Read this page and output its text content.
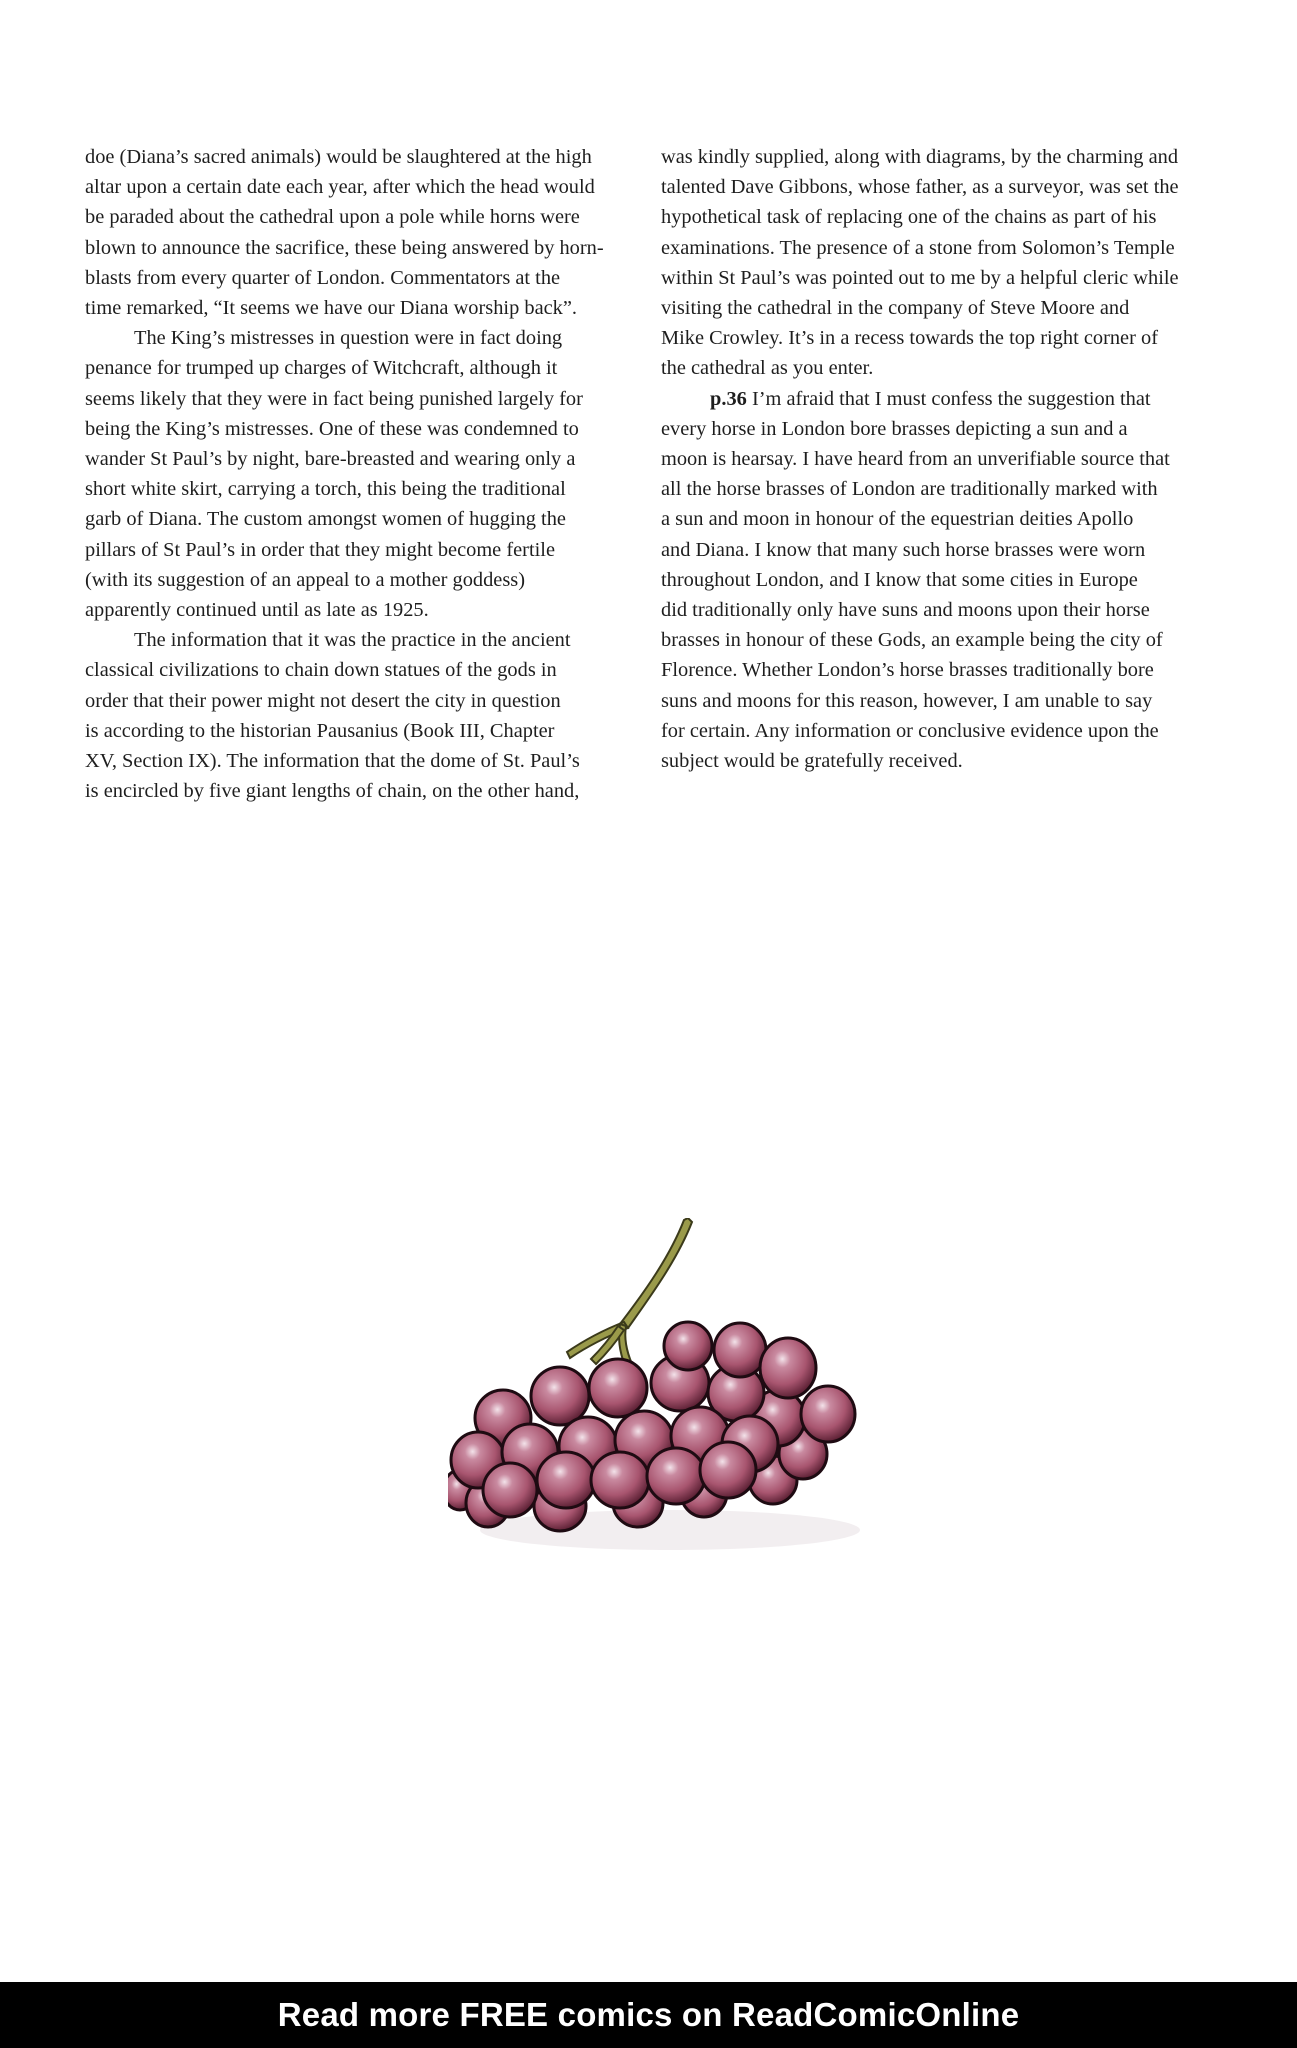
doe (Diana’s sacred animals) would be slaughtered at the high
altar upon a certain date each year, after which the head would
be paraded about the cathedral upon a pole while horns were
blown to announce the sacrifice, these being answered by horn-
blasts from every quarter of London. Commentators at the
time remarked, “It seems we have our Diana worship back”.

The King’s mistresses in question were in fact doing
penance for trumped up charges of Witchcraft, although it
seems likely that they were in fact being punished largely for
being the King’s mistresses. One of these was condemned to
wander St Paul’s by night, bare-breasted and wearing only a
short white skirt, carrying a torch, this being the traditional
garb of Diana. The custom amongst women of hugging the
pillars of St Paul’s in order that they might become fertile
(with its suggestion of an appeal to a mother goddess)
apparently continued until as late as 1925.

The information that it was the practice in the ancient
classical civilizations to chain down statues of the gods in
order that their power might not desert the city in question
is according to the historian Pausanius (Book III, Chapter
XV, Section IX). The information that the dome of St. Paul’s
is encircled by five giant lengths of chain, on the other hand,

was kindly supplied, along with diagrams, by the charming and
talented Dave Gibbons, whose father, as a surveyor, was set the
hypothetical task of replacing one of the chains as part of his
examinations. The presence of a stone from Solomon’s Temple
within St Paul’s was pointed out to me by a helpful cleric while
visiting the cathedral in the company of Steve Moore and
Mike Crowley. It’s in a recess towards the top right corner of
the cathedral as you enter.

p.36 I’m afraid that I must confess the suggestion that
every horse in London bore brasses depicting a sun and a
moon is hearsay. I have heard from an unverifiable source that
all the horse brasses of London are traditionally marked with
a sun and moon in honour of the equestrian deities Apollo
and Diana. I know that many such horse brasses were worn
throughout London, and I know that some cities in Europe
did traditionally only have suns and moons upon their horse
brasses in honour of these Gods, an example being the city of
Florence. Whether London’s horse brasses traditionally bore
suns and moons for this reason, however, I am unable to say
for certain. Any information or conclusive evidence upon the
subject would be gratefully received.

Read more FREE comics on ReadComicOnline
